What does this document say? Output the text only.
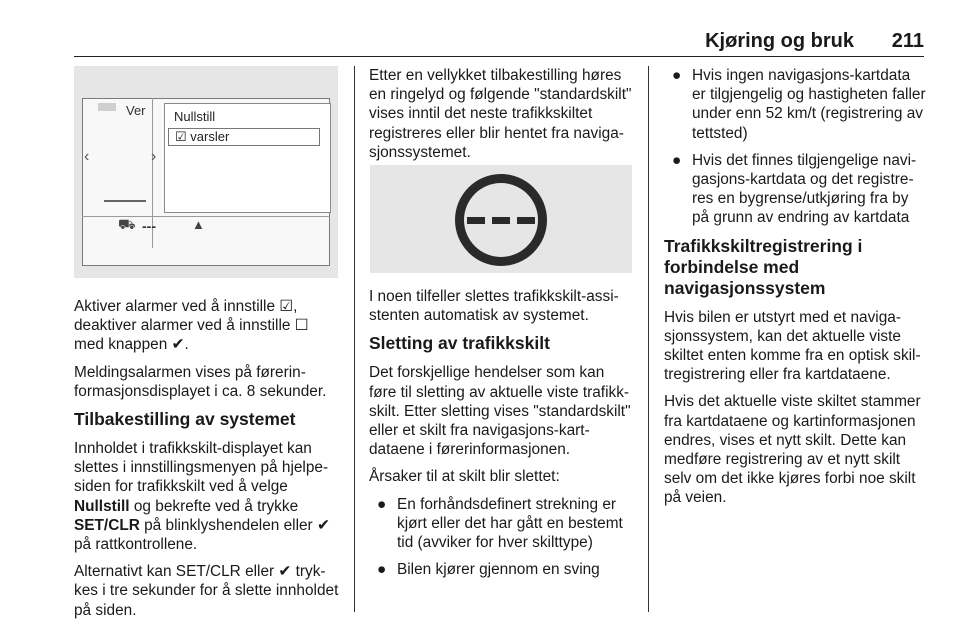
Kjøring og bruk 211
Ver
‹	›
Nullstill
☑ varsler
⛟ ---	▲

Aktiver alarmer ved å innstille ☑, deaktiver alarmer ved å innstille ☐ med knappen ✔.

Meldingsalarmen vises på førerinformasjonsdisplayet i ca. 8 sekunder.

Tilbakestilling av systemet

Innholdet i trafikkskilt-displayet kan slettes i innstillingsmenyen på hjelpesiden for trafikkskilt ved å velge Nullstill og bekrefte ved å trykke SET/CLR på blinklyshendelen eller ✔ på rattkontrollene.

Alternativt kan SET/CLR eller ✔ trykkes i tre sekunder for å slette innholdet på siden.

Etter en vellykket tilbakestilling høres en ringelyd og følgende "standardskilt" vises inntil det neste trafikkskiltet registreres eller blir hentet fra navigasjonssystemet.

I noen tilfeller slettes trafikkskilt-assistenten automatisk av systemet.

Sletting av trafikkskilt

Det forskjellige hendelser som kan føre til sletting av aktuelle viste trafikkskilt. Etter sletting vises "standardskilt" eller et skilt fra navigasjons-kartdataene i førerinformasjonen.

Årsaker til at skilt blir slettet:

● En forhåndsdefinert strekning er kjørt eller det har gått en bestemt tid (avviker for hver skilttype)
● Bilen kjører gjennom en sving
● Hvis ingen navigasjons-kartdata er tilgjengelig og hastigheten faller under enn 52 km/t (registrering av tettsted)
● Hvis det finnes tilgjengelige navigasjons-kartdata og det registreres en bygrense/utkjøring fra by på grunn av endring av kartdata
Trafikkskiltregistrering i forbindelse med navigasjonssystem

Hvis bilen er utstyrt med et navigasjonssystem, kan det aktuelle viste skiltet enten komme fra en optisk skiltregistrering eller fra kartdataene.

Hvis det aktuelle viste skiltet stammer fra kartdataene og kartinformasjonen endres, vises et nytt skilt. Dette kan medføre registrering av et nytt skilt selv om det ikke kjøres forbi noe skilt på veien.
